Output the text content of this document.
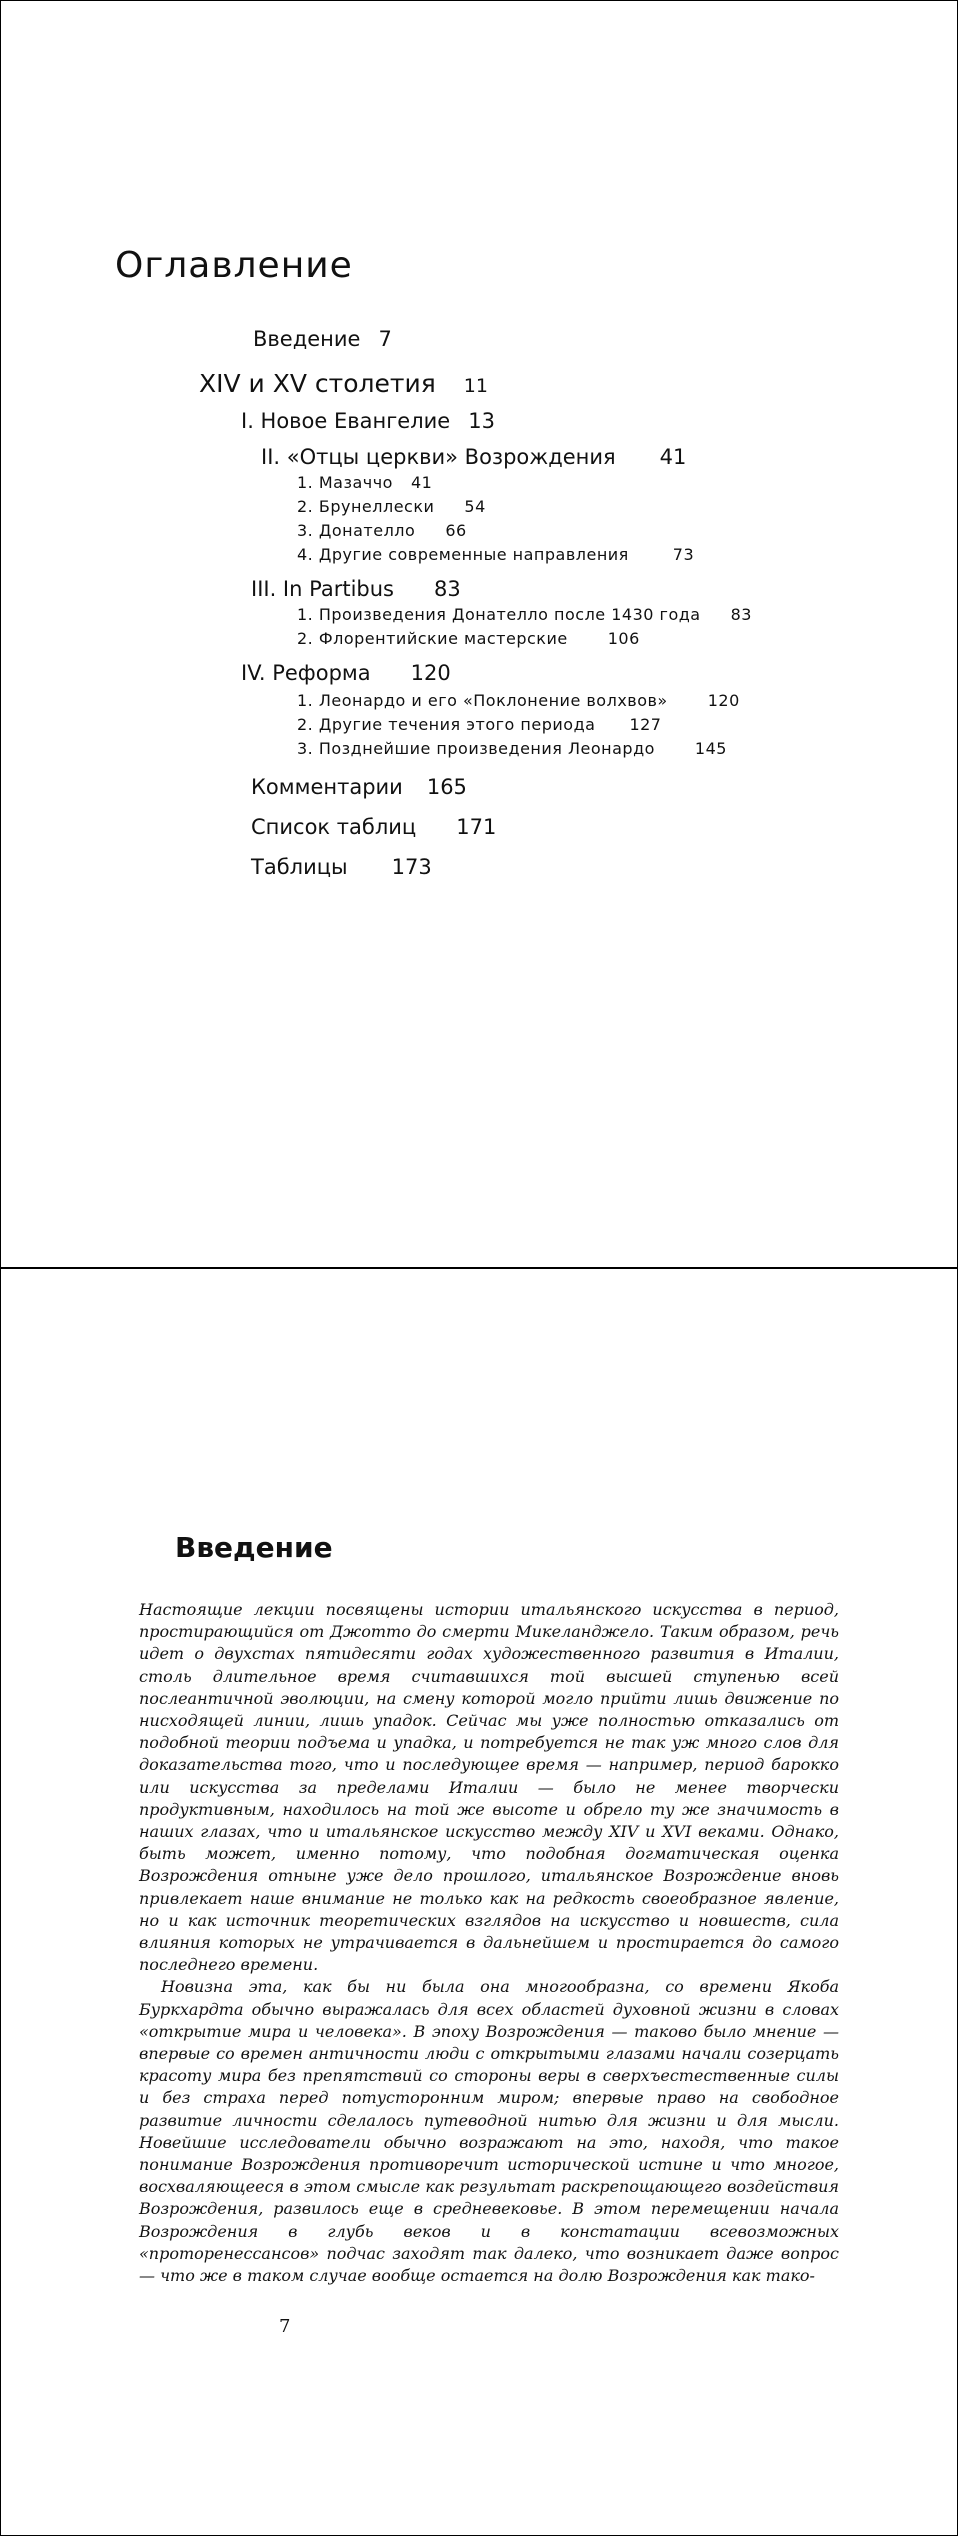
Оглавление
Введение 7
XIV и XV столетия 11
I. Новое Евангелие 13
II. «Отцы церкви» Возрождения 41
1. Мазаччо 41
2. Брунеллески 54
3. Донателло 66
4. Другие современные направления	73
III. In Partibus 83
1. Произведения Донателло после 1430 года 83
2. Флорентийские мастерские	106
IV. Реформа 120
1. Леонардо и его «Поклонение волхвов»	120
2. Другие течения этого периода 127
3. Позднейшие произведения Леонардо	145
Комментарии 165
Список таблиц 171
Таблицы 173
Введение

Настоящие лекции посвящены истории итальянского искусства в период, простирающийся от Джотто до смерти Микеланджело. Таким образом, речь идет о двухстах пятидесяти годах художественного развития в Италии, столь длительное время считавшихся той высшей ступенью всей послеантичной эволюции, на смену которой могло прийти лишь движение по нисходящей линии, лишь упадок. Сейчас мы уже полностью отказались от подобной теории подъема и упадка, и потребуется не так уж много слов для доказательства того, что и последующее время — например, период барокко или искусства за пределами Италии — было не менее творчески продуктивным, находилось на той же высоте и обрело ту же значимость в наших глазах, что и итальянское искусство между XIV и XVI веками. Однако, быть может, именно потому, что подобная догматическая оценка Возрождения отныне уже дело прошлого, итальянское Возрождение вновь привлекает наше внимание не только как на редкость своеобразное явление, но и как источник теоретических взглядов на искусство и новшеств, сила влияния которых не утрачивается в дальнейшем и простирается до самого последнего времени.

Новизна эта, как бы ни была она многообразна, со времени Якоба Буркхардта обычно выражалась для всех областей духовной жизни в словах «открытие мира и человека». В эпоху Возрождения — таково было мнение — впервые со времен античности люди с открытыми глазами начали созерцать красоту мира без препятствий со стороны веры в сверхъестественные силы и без страха перед потусторонним миром; впервые право на свободное развитие личности сделалось путеводной нитью для жизни и для мысли. Новейшие исследователи обычно возражают на это, находя, что такое понимание Возрождения противоречит исторической истине и что многое, восхваляющееся в этом смысле как результат раскрепощающего воздействия Возрождения, развилось еще в средневековье. В этом перемещении начала Возрождения в глубь веков и в констатации всевозможных «проторенессансов» подчас заходят так далеко, что возникает даже вопрос — что же в таком случае вообще остается на долю Возрождения как тако-

7
